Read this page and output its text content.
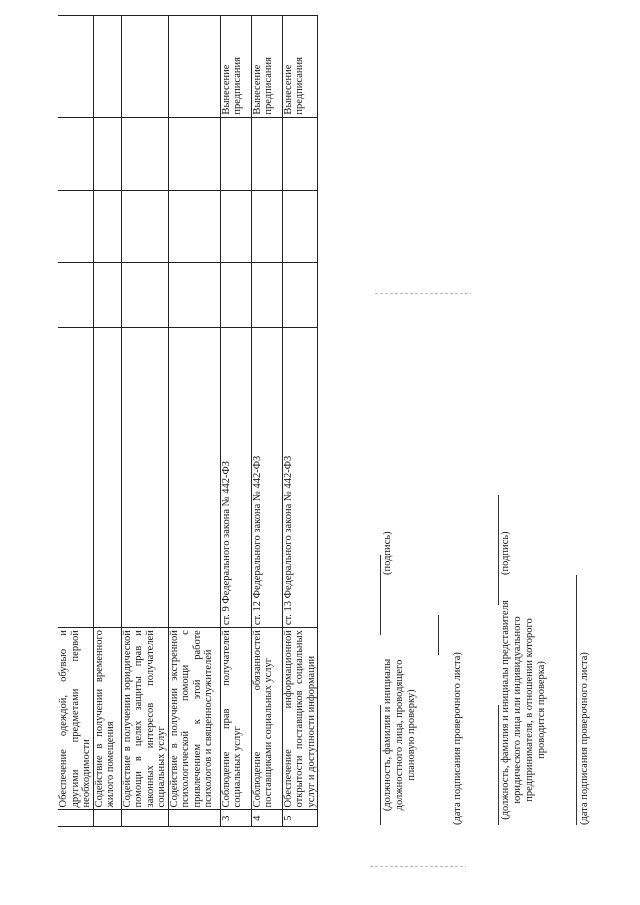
	Обеспечение одеждой, обувью и другими предметами первой необходимости					
	Содействие в получении временного жилого помещения					
	Содействие в получении юридической помощи в целях защиты прав и законных интересов получателей социальных услуг					
	Содействие в получении экстренной психологической помощи с привлечением к этой работе психологов и священнослужителей					
3	Соблюдение прав получателей социальных услуг	ст. 9 Федерального закона № 442-ФЗ				Вынесение предписания
4	Соблюдение обязанностей поставщиками социальных услуг	ст. 12 Федерального закона № 442-ФЗ				Вынесение предписания
5	Обеспечение информационной открытости поставщиков социальных услуг и доступности информации	ст. 13 Федерального закона № 442-ФЗ				Вынесение предписания
(должность, фамилия и инициалы должностного лица, проводящего плановую проверку)
(подпись)
(дата подписания проверочного листа)	(должность, фамилия и инициалы представителя юридического лица или индивидуального предпринимателя, в отношении которого проводится проверка)
(подпись)
(дата подписания проверочного листа)
